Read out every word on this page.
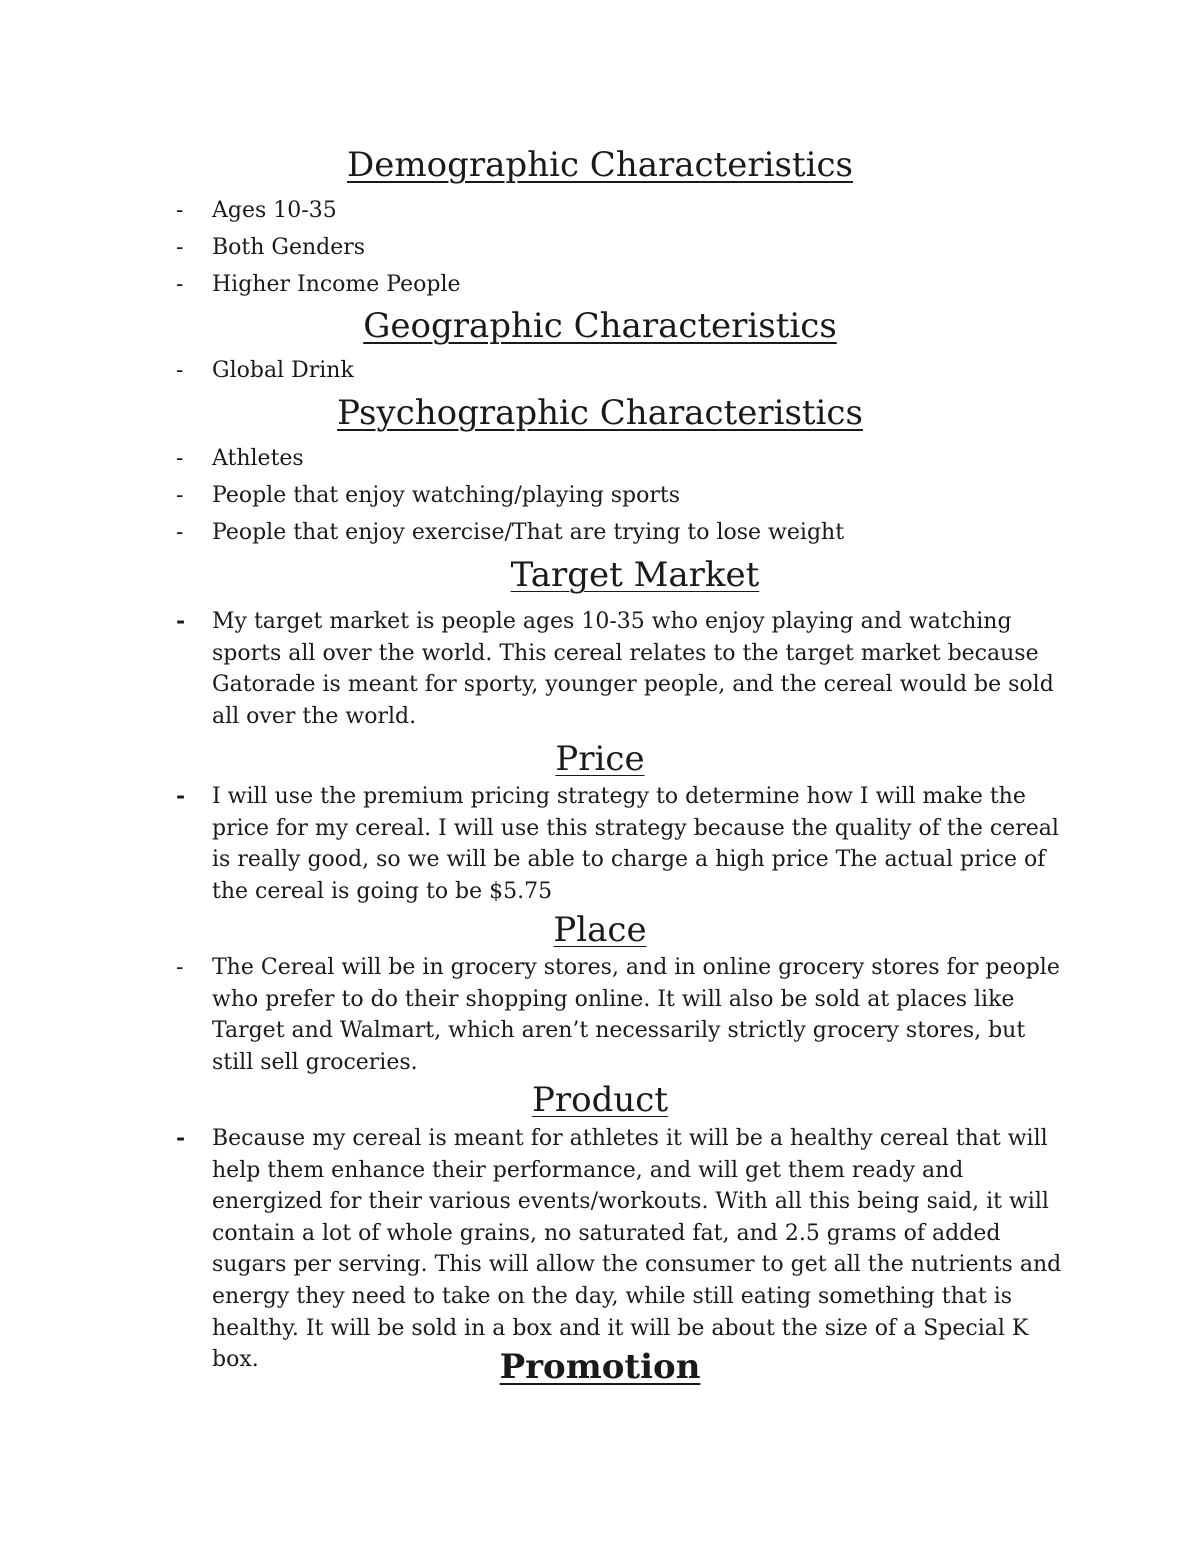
Demographic Characteristics
- Ages 10-35
- Both Genders
- Higher Income People
Geographic Characteristics
- Global Drink
Psychographic Characteristics
- Athletes
- People that enjoy watching/playing sports
- People that enjoy exercise/That are trying to lose weight
Target Market

- My target market is people ages 10-35 who enjoy playing and watching sports all over the world. This cereal relates to the target market because Gatorade is meant for sporty, younger people, and the cereal would be sold all over the world.

Price

- I will use the premium pricing strategy to determine how I will make the price for my cereal. I will use this strategy because the quality of the cereal is really good, so we will be able to charge a high price The actual price of the cereal is going to be $5.75

Place

- The Cereal will be in grocery stores, and in online grocery stores for people who prefer to do their shopping online. It will also be sold at places like Target and Walmart, which aren’t necessarily strictly grocery stores, but still sell groceries.

Product

- Because my cereal is meant for athletes it will be a healthy cereal that will help them enhance their performance, and will get them ready and energized for their various events/workouts. With all this being said, it will contain a lot of whole grains, no saturated fat, and 2.5 grams of added sugars per serving. This will allow the consumer to get all the nutrients and energy they need to take on the day, while still eating something that is healthy. It will be sold in a box and it will be about the size of a Special K box.	Promotion
